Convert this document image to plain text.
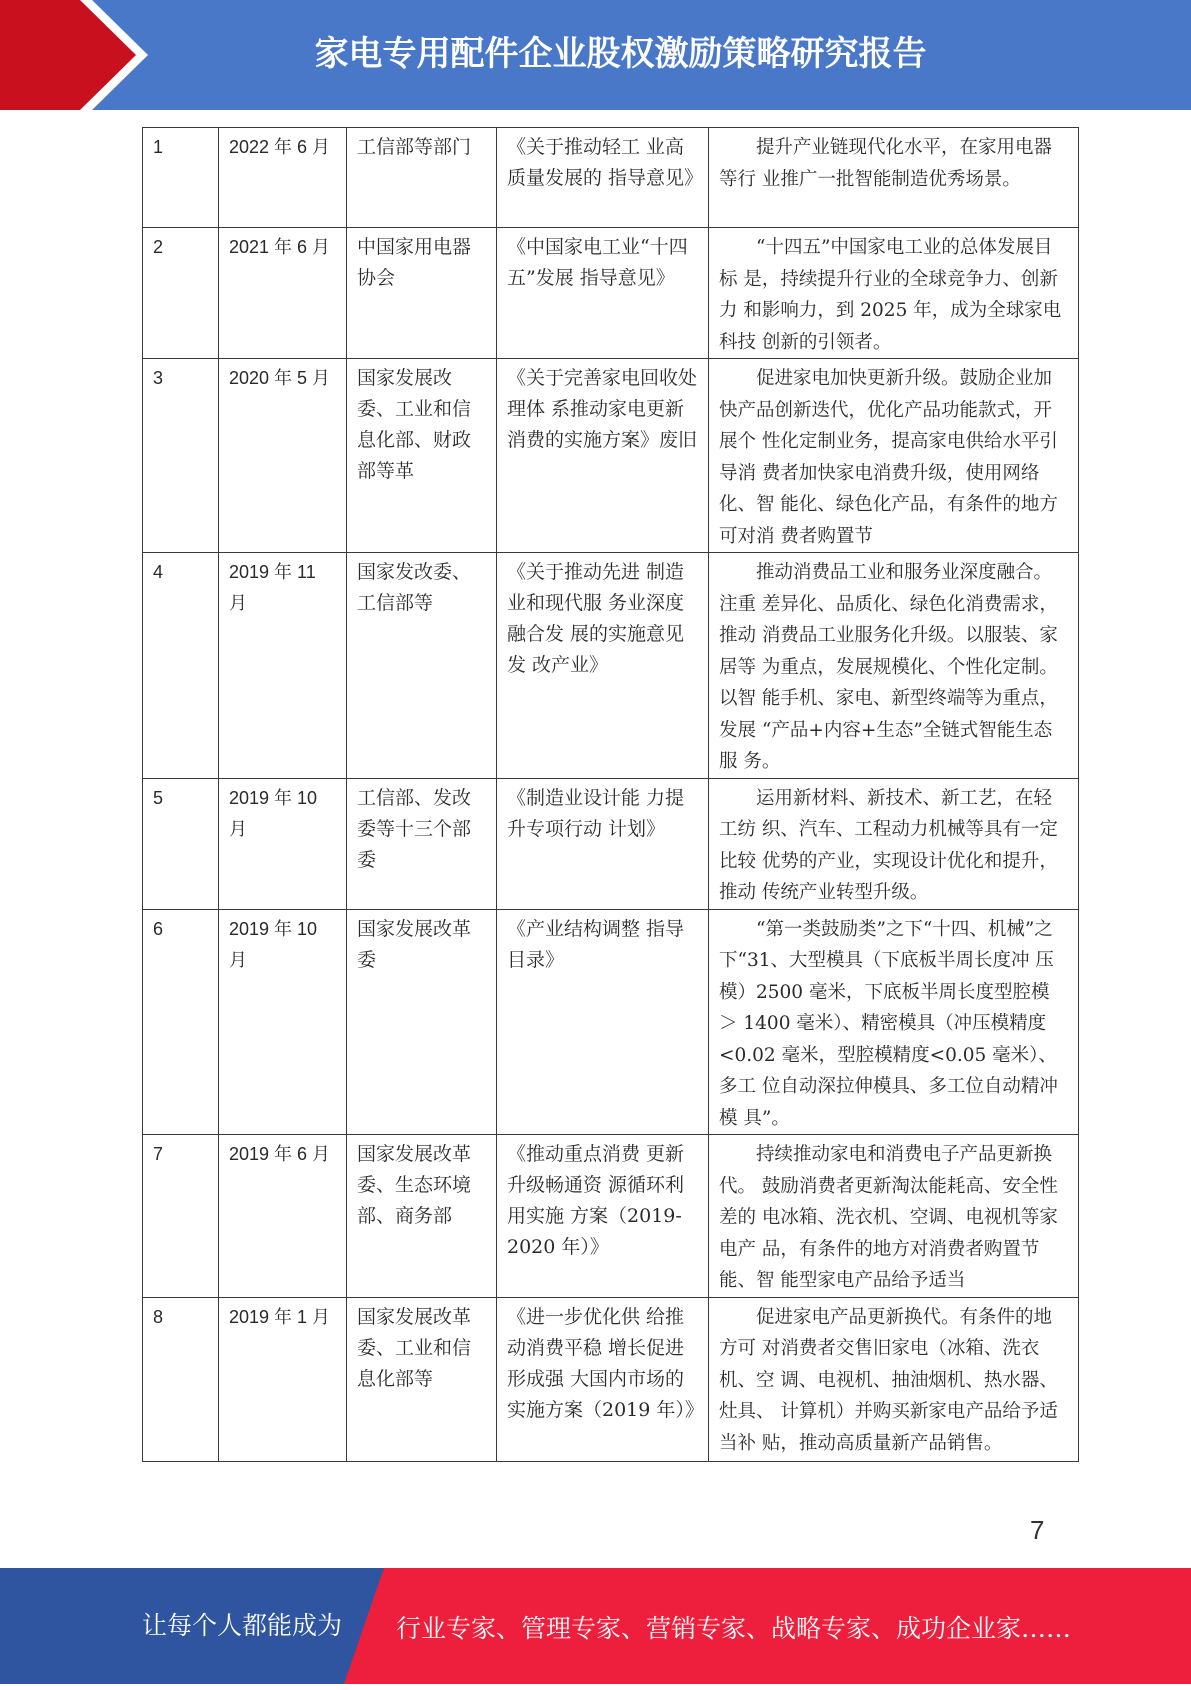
家电专用配件企业股权激励策略研究报告
1	2022 年 6 月	工信部等部门	《关于推动轻工 业高质量发展的 指导意见》	提升产业链现代化水平，在家用电器等行 业推广一批智能制造优秀场景。
2	2021 年 6 月	中国家用电器协会	《中国家电工业“十四五”发展 指导意见》	“十四五”中国家电工业的总体发展目标 是，持续提升行业的全球竞争力、创新力 和影响力，到 2025 年，成为全球家电科技 创新的引领者。
3	2020 年 5 月	国家发展改委、工业和信息化部、财政部等革	《关于完善家电回收处理体 系推动家电更新 消费的实施方案》废旧	促进家电加快更新升级。鼓励企业加快产品创新迭代，优化产品功能款式，开展个 性化定制业务，提高家电供给水平引导消 费者加快家电消费升级，使用网络化、智 能化、绿色化产品，有条件的地方可对消 费者购置节
4	2019 年 11 月	国家发改委、工信部等	《关于推动先进 制造业和现代服 务业深度融合发 展的实施意见发 改产业》	推动消费品工业和服务业深度融合。注重 差异化、品质化、绿色化消费需求，推动 消费品工业服务化升级。以服装、家居等 为重点，发展规模化、个性化定制。以智 能手机、家电、新型终端等为重点，发展 “产品+内容+生态”全链式智能生态服 务。
5	2019 年 10 月	工信部、发改委等十三个部委	《制造业设计能 力提升专项行动 计划》	运用新材料、新技术、新工艺，在轻工纺 织、汽车、工程动力机械等具有一定比较 优势的产业，实现设计优化和提升，推动 传统产业转型升级。
6	2019 年 10 月	国家发展改革委	《产业结构调整 指导目录》	“第一类鼓励类”之下“十四、机械”之下“31、大型模具（下底板半周长度冲 压模）2500 毫米，下底板半周长度型腔模 ＞ 1400 毫米）、精密模具（冲压模精度 <0.02 毫米，型腔模精度<0.05 毫米）、多工 位自动深拉伸模具、多工位自动精冲模 具”。
7	2019 年 6 月	国家发展改革委、生态环境部、商务部	《推动重点消费 更新升级畅通资 源循环利用实施 方案（2019- 2020 年）》	持续推动家电和消费电子产品更新换代。 鼓励消费者更新淘汰能耗高、安全性差的 电冰箱、洗衣机、空调、电视机等家电产 品，有条件的地方对消费者购置节能、智 能型家电产品给予适当
8	2019 年 1 月	国家发展改革委、工业和信息化部等	《进一步优化供 给推动消费平稳 增长促进形成强 大国内市场的实施方案（2019 年）》	促进家电产品更新换代。有条件的地方可 对消费者交售旧家电（冰箱、洗衣机、空 调、电视机、抽油烟机、热水器、灶具、 计算机）并购买新家电产品给予适当补 贴，推动高质量新产品销售。
7
让每个人都能成为 行业专家、管理专家、营销专家、战略专家、成功企业家……
